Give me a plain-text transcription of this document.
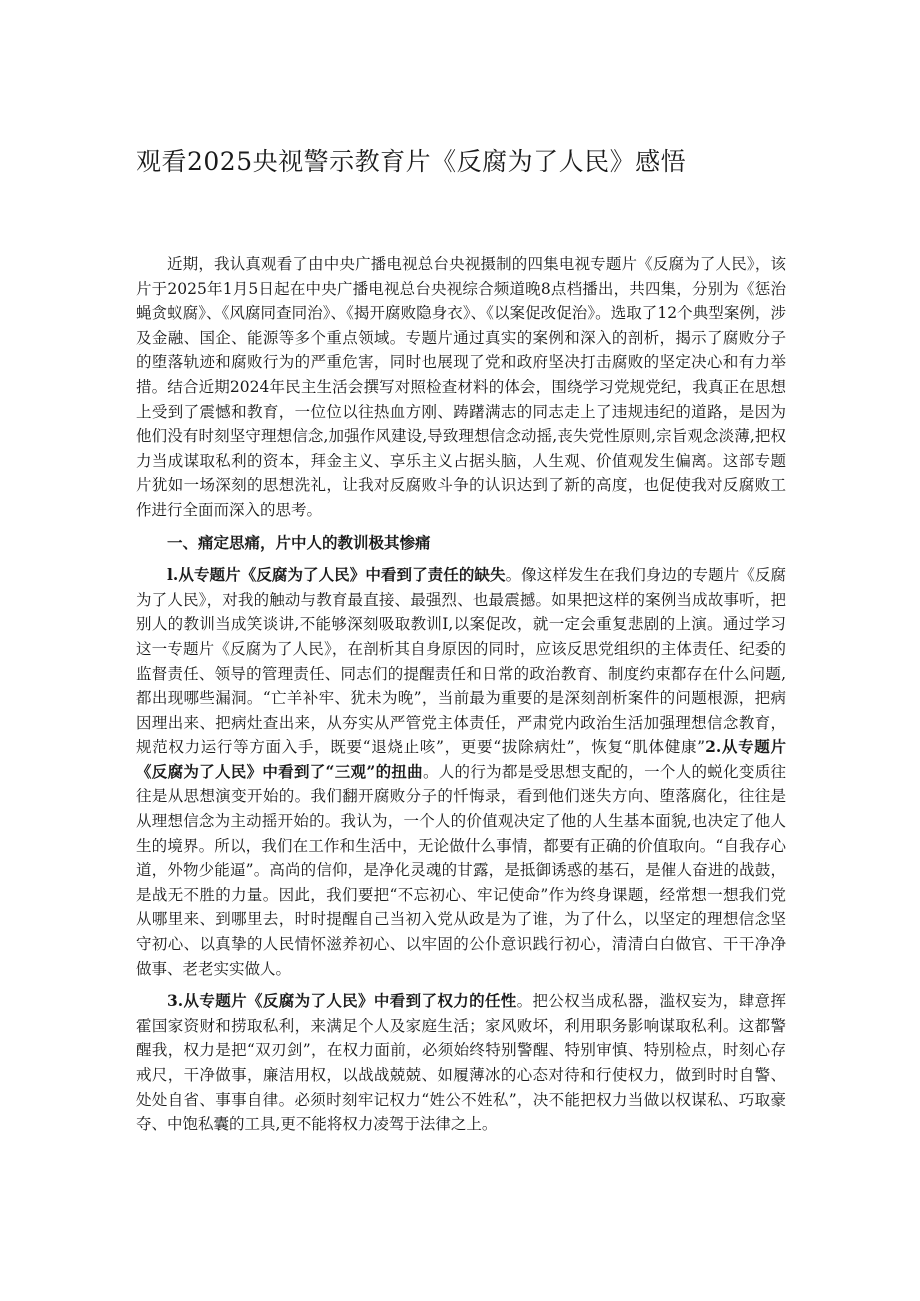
观看2025央视警示教育片《反腐为了人民》感悟

近期，我认真观看了由中央广播电视总台央视摄制的四集电视专题片《反腐为了人民》，该片于2025年1月5日起在中央广播电视总台央视综合频道晚8点档播出，共四集，分别为《惩治蝇贪蚁腐》、《风腐同查同治》、《揭开腐败隐身衣》、《以案促改促治》。选取了12个典型案例，涉及金融、国企、能源等多个重点领域。专题片通过真实的案例和深入的剖析，揭示了腐败分子的堕落轨迹和腐败行为的严重危害，同时也展现了党和政府坚决打击腐败的坚定决心和有力举措。结合近期2024年民主生活会撰写对照检查材料的体会，围绕学习党规党纪，我真正在思想上受到了震憾和教育，一位位以往热血方刚、踌躇满志的同志走上了违规违纪的道路，是因为他们没有时刻坚守理想信念,加强作风建设,导致理想信念动摇,丧失党性原则,宗旨观念淡薄,把权力当成谋取私利的资本，拜金主义、享乐主义占据头脑，人生观、价值观发生偏离。这部专题片犹如一场深刻的思想洗礼，让我对反腐败斗争的认识达到了新的高度，也促使我对反腐败工作进行全面而深入的思考。

一、痛定思痛，片中人的教训极其惨痛

l.从专题片《反腐为了人民》中看到了责任的缺失。像这样发生在我们身边的专题片《反腐为了人民》，对我的触动与教育最直接、最强烈、也最震撼。如果把这样的案例当成故事听，把别人的教训当成笑谈讲,不能够深刻吸取教训I,以案促改，就一定会重复悲剧的上演。通过学习这一专题片《反腐为了人民》，在剖析其自身原因的同时，应该反思党组织的主体责任、纪委的监督责任、领导的管理责任、同志们的提醒责任和日常的政治教育、制度约束都存在什么问题,都出现哪些漏洞。“亡羊补牢、犹未为晚”，当前最为重要的是深刻剖析案件的问题根源，把病因理出来、把病灶查出来，从夯实从严管党主体责任，严肃党内政治生活加强理想信念教育，规范权力运行等方面入手，既要“退烧止咳”，更要“拔除病灶”，恢复“肌体健康”2.从专题片《反腐为了人民》中看到了“三观”的扭曲。人的行为都是受思想支配的，一个人的蜕化变质往往是从思想演变开始的。我们翻开腐败分子的忏悔录，看到他们迷失方向、堕落腐化，往往是从理想信念为主动摇开始的。我认为，一个人的价值观决定了他的人生基本面貌,也决定了他人生的境界。所以，我们在工作和生活中，无论做什么事情，都要有正确的价值取向。“自我存心道，外物少能逼”。高尚的信仰，是净化灵魂的甘露，是抵御诱惑的基石，是催人奋进的战鼓，是战无不胜的力量。因此，我们要把“不忘初心、牢记使命”作为终身课题，经常想一想我们党从哪里来、到哪里去，时时提醒自己当初入党从政是为了谁，为了什么，以坚定的理想信念坚守初心、以真挚的人民情怀滋养初心、以牢固的公仆意识践行初心，清清白白做官、干干净净做事、老老实实做人。

3.从专题片《反腐为了人民》中看到了权力的任性。把公权当成私器，滥权妄为，肆意挥霍国家资财和捞取私利，来满足个人及家庭生活；家风败坏，利用职务影响谋取私利。这都警醒我，权力是把“双刃剑”，在权力面前，必须始终特别警醒、特别审慎、特别检点，时刻心存戒尺，干净做事，廉洁用权，以战战兢兢、如履薄冰的心态对待和行使权力，做到时时自警、处处自省、事事自律。必须时刻牢记权力“姓公不姓私”，决不能把权力当做以权谋私、巧取豪夺、中饱私囊的工具,更不能将权力凌驾于法律之上。
